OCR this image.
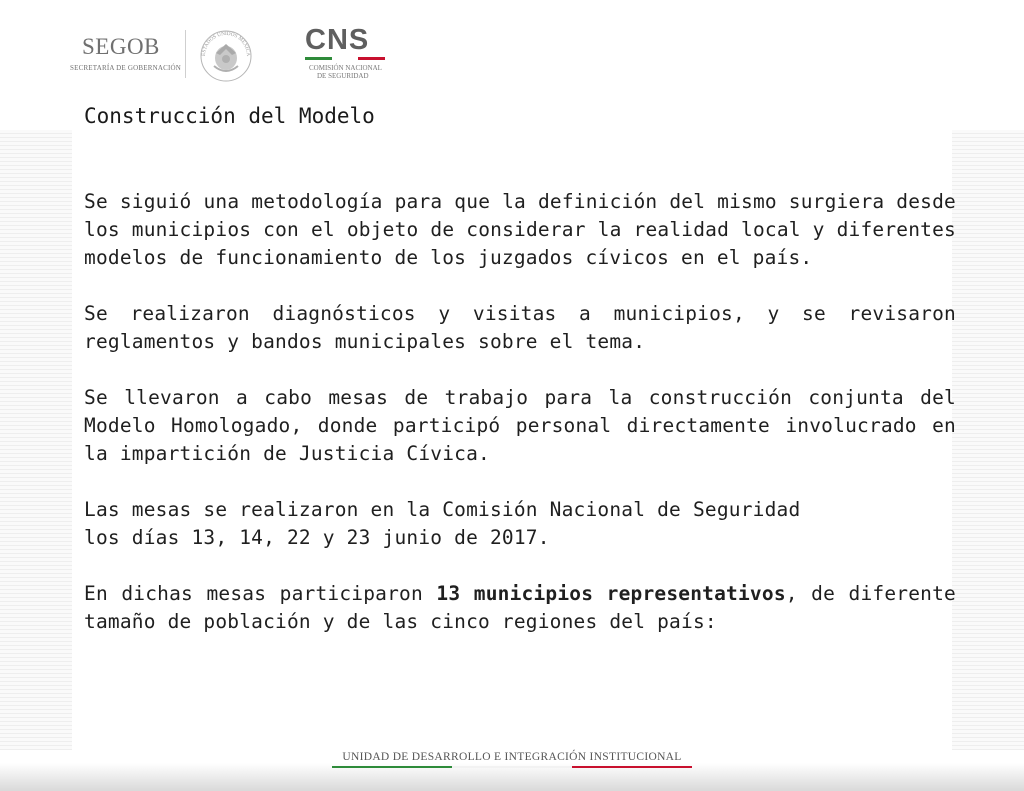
SEGOB
SECRETARÍA DE GOBERNACIÓN
ESTADOS UNIDOS MEXICA CNS
COMISIÓN NACIONAL
DE SEGURIDAD
Construcción del Modelo

Se siguió una metodología para que la definición del mismo surgiera desde los municipios con el objeto de considerar la realidad local y diferentes modelos de funcionamiento de los juzgados cívicos en el país.

Se realizaron diagnósticos y visitas a municipios, y se revisaron reglamentos y bandos municipales sobre el tema.

Se llevaron a cabo mesas de trabajo para la construcción conjunta del Modelo Homologado, donde participó personal directamente involucrado en la impartición de Justicia Cívica.

Las mesas se realizaron en la Comisión Nacional de Seguridad
los días 13, 14, 22 y 23 junio de 2017.

En dichas mesas participaron 13 municipios representativos, de diferente tamaño de población y de las cinco regiones del país:

UNIDAD DE DESARROLLO E INTEGRACIÓN INSTITUCIONAL
